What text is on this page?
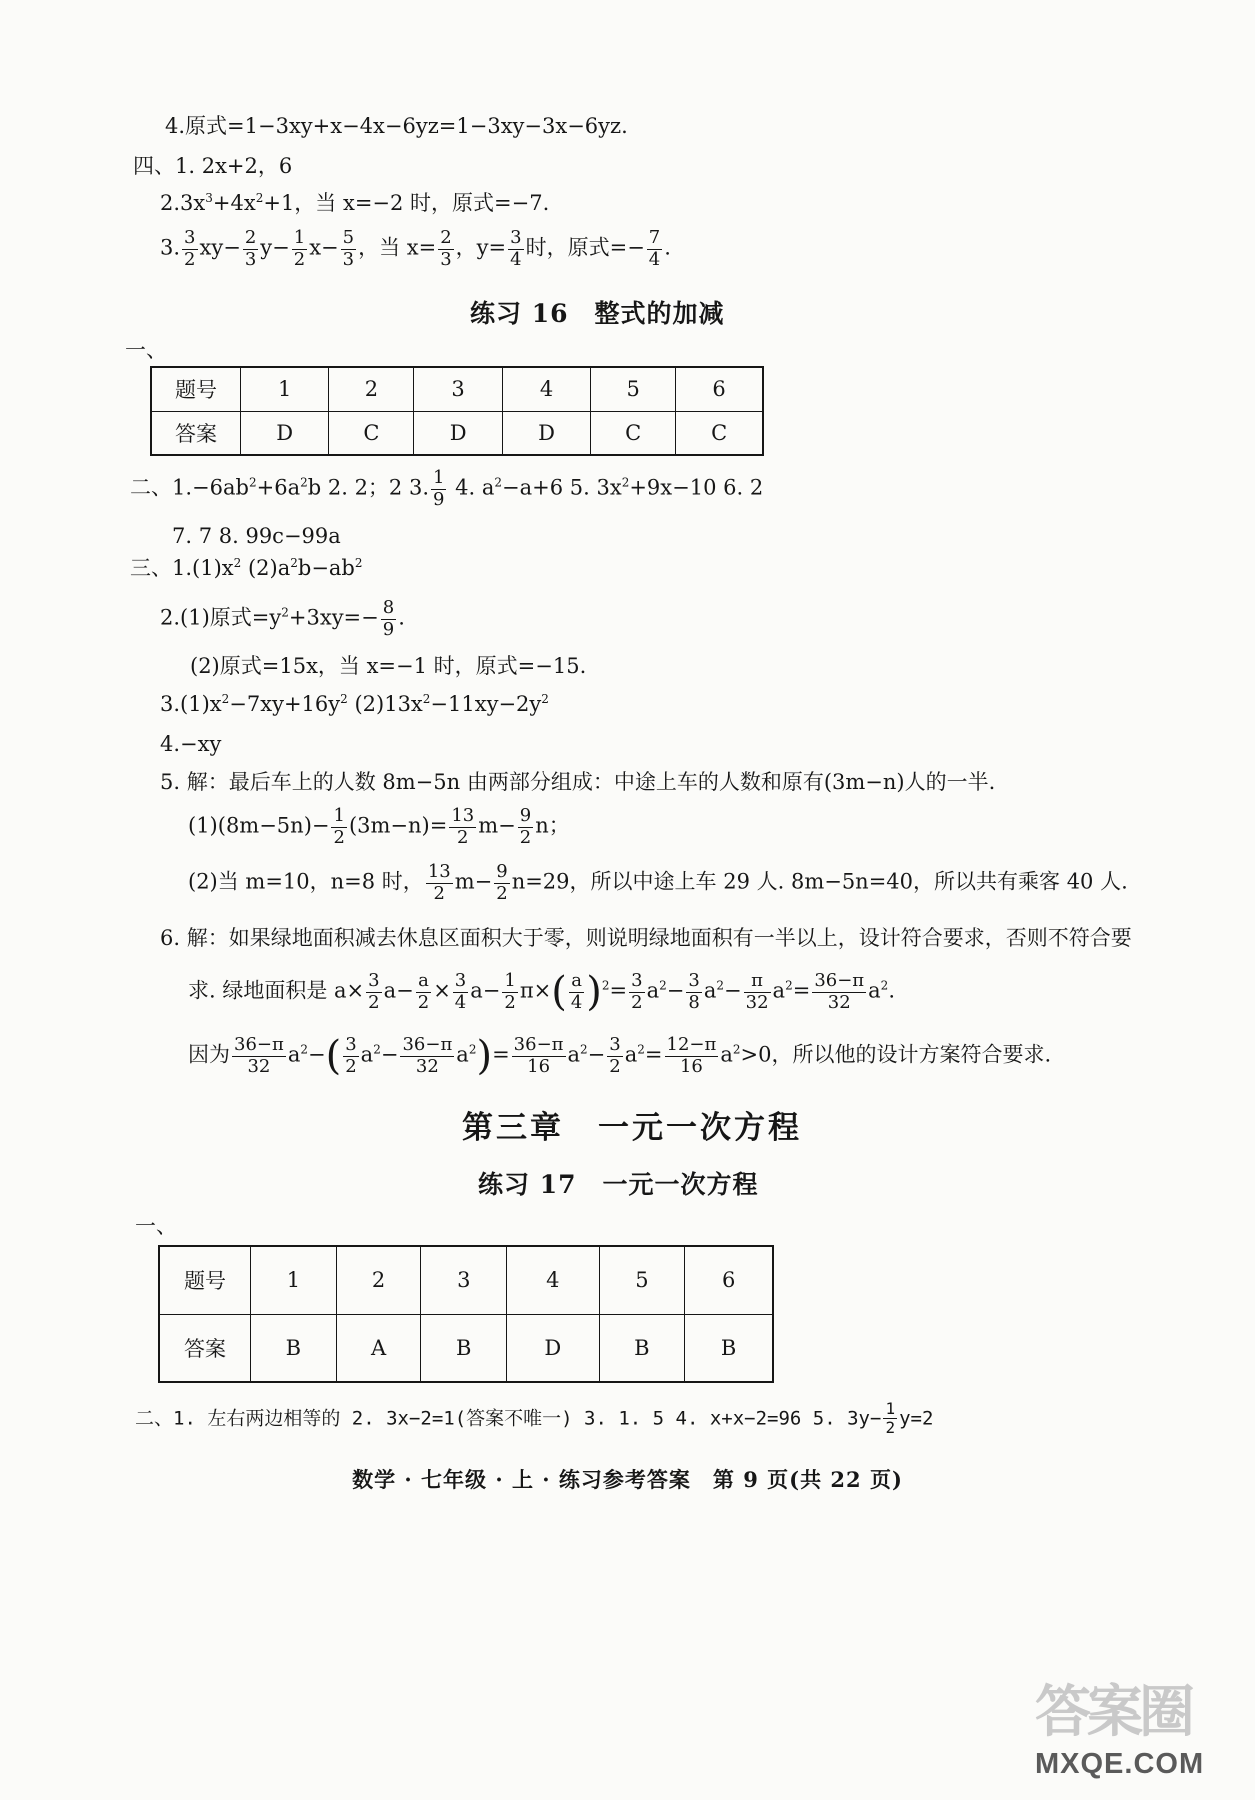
4.原式=1−3xy+x−4x−6yz=1−3xy−3x−6yz.
四、1. 2x+2，6
$2.3x^3+4x^2+1$，当 x=−2 时，原式=−7.
3. $\frac{3}{2} xy- \frac{2}{3} y- \frac{1}{2} x- \frac{5}{3}$ ，当 $x= \frac{2}{3}$ ，$y= \frac{3}{4}$ 时，原式=− $\frac{7}{4}$ .
练习 16　整式的加减
一、
题号	1	2	3	4	5	6
答案	D	C	D	D	C	C
二、$1.-6ab^2+6a^2b$ 2. 2；2 3. $\frac{1}{9} 4$. $a^2-a+6$ 5. $3x^2+9x-10$ 6. 2
7. 7 8. 99c−99a
三、$1.(1)x^2$ $(2)a^2b-ab^2$
2.(1)原式$=y^2+3xy=- \frac{8}{9}$ .
(2)原式=15x，当 x=−1 时，原式=−15.
$3.(1)x^2-7xy+16y^2$ $(2)13x^2-11xy-2y^2$
4.−xy
5. 解：最后车上的人数 8m−5n 由两部分组成：中途上车的人数和原有(3m−n)人的一半.
$(1)(8m-5n)- \frac{1}{2} (3m-n)= \frac{13}{2} m- \frac{9}{2}$ n；
(2)当 m=10，n=8 时， $\frac{13}{2} m- \frac{9}{2} n=29$，所以中途上车 29 人. 8m−5n=40，所以共有乘客 40 人.
6. 解：如果绿地面积减去休息区面积大于零，则说明绿地面积有一半以上，设计符合要求，否则不符合要
求. 绿地面积是 $a\times \frac{3}{2} a- \frac{a}{2} \times \frac{3}{4} a- \frac{1}{2} \pi\times( \frac{a}{4} )^2= \frac{3}{2} a^2- \frac{3}{8} a^2- \frac{\pi}{32} a^2= \frac{36-\pi}{32} a^2$.
因为 $\frac{36-\pi}{32} a^2-( \frac{3}{2} a^2- \frac{36-\pi}{32} a^2)= \frac{36-\pi}{16} a^2- \frac{3}{2} a^2= \frac{12-\pi}{16} a^2>0$，所以他的设计方案符合要求.
第三章　一元一次方程
练习 17　一元一次方程
一、
题号	1	2	3	4	5	6
答案	B	A	B	D	B	B
二、1. 左右两边相等的 2. 3x−2=1(答案不唯一) 3. 1. 5 4. x+x−2=96 5. $3y- \frac{1}{2} y=2$
数学 · 七年级 · 上 · 练习参考答案　第 9 页(共 22 页)
答案圈
MXQE.COM
